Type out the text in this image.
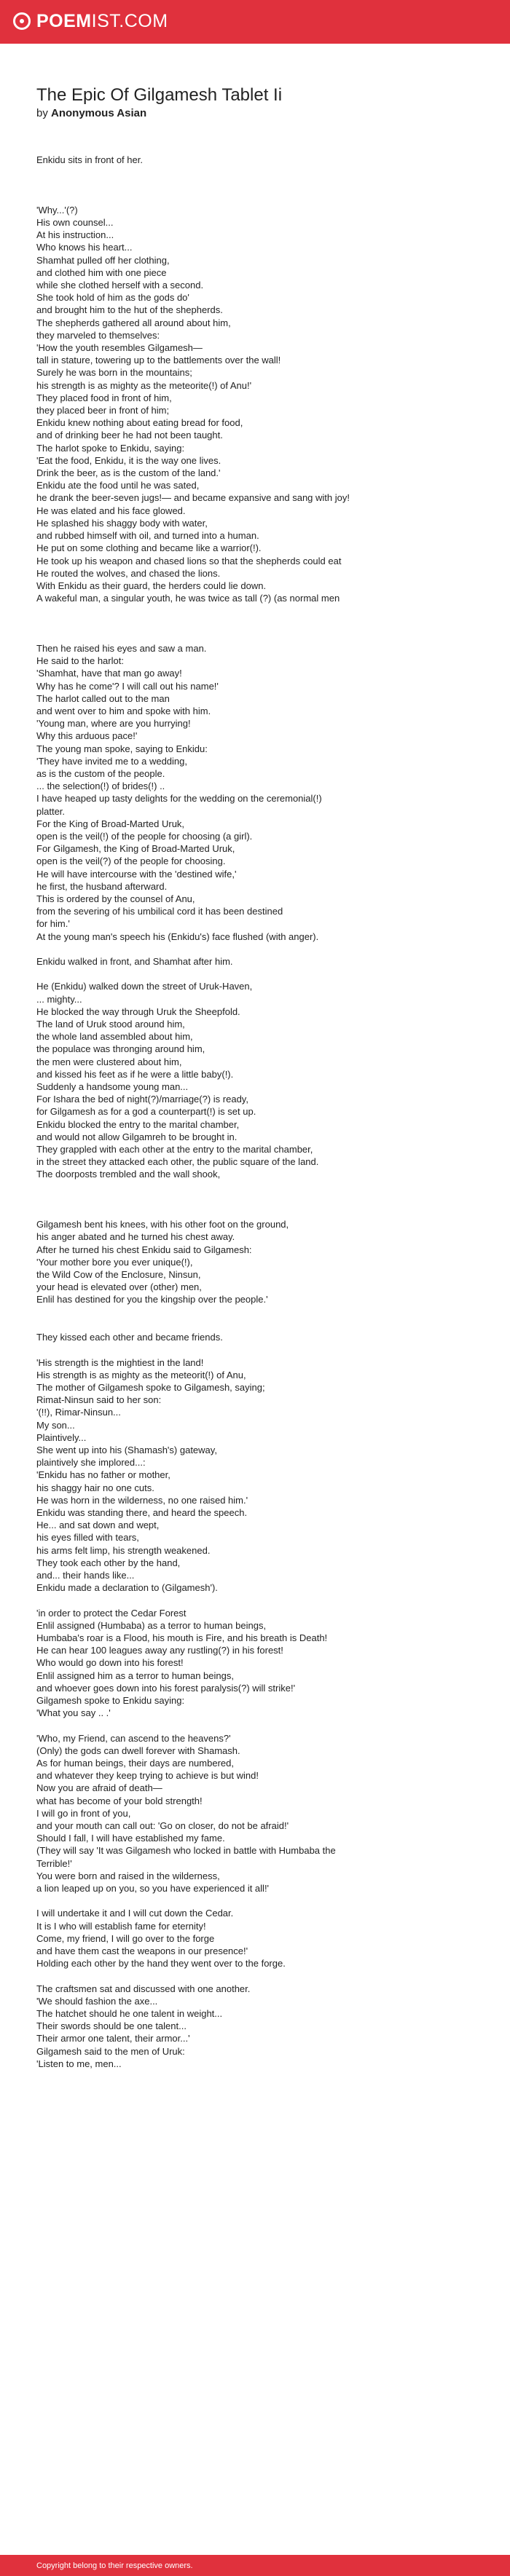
POEMIST.COM
The Epic Of Gilgamesh Tablet Ii
by Anonymous Asian
Enkidu sits in front of her.

'Why...'(?)
His own counsel...
At his instruction...
Who knows his heart...
Shamhat pulled off her clothing,
and clothed him with one piece
while she clothed herself with a second.
She took hold of him as the gods do'
and brought him to the hut of the shepherds.
The shepherds gathered all around about him,
they marveled to themselves:
'How the youth resembles Gilgamesh—
tall in stature, towering up to the battlements over the wall!
Surely he was born in the mountains;
his strength is as mighty as the meteorite(!) of Anu!'
They placed food in front of him,
they placed beer in front of him;
Enkidu knew nothing about eating bread for food,
and of drinking beer he had not been taught.
The harlot spoke to Enkidu, saying:
'Eat the food, Enkidu, it is the way one lives.
Drink the beer, as is the custom of the land.'
Enkidu ate the food until he was sated,
he drank the beer-seven jugs!— and became expansive and sang with joy!
He was elated and his face glowed.
He splashed his shaggy body with water,
and rubbed himself with oil, and turned into a human.
He put on some clothing and became like a warrior(!).
He took up his weapon and chased lions so that the shepherds could eat
He routed the wolves, and chased the lions.
With Enkidu as their guard, the herders could lie down.
A wakeful man, a singular youth, he was twice as tall (?) (as normal men

Then he raised his eyes and saw a man.
He said to the harlot:
'Shamhat, have that man go away!
Why has he come'? I will call out his name!'
The harlot called out to the man
and went over to him and spoke with him.
'Young man, where are you hurrying!
Why this arduous pace!'
The young man spoke, saying to Enkidu:
'They have invited me to a wedding,
as is the custom of the people.
... the selection(!) of brides(!) ..
I have heaped up tasty delights for the wedding on the ceremonial(!)
platter.
For the King of Broad-Marted Uruk,
open is the veil(!) of the people for choosing (a girl).
For Gilgamesh, the King of Broad-Marted Uruk,
open is the veil(?) of the people for choosing.
He will have intercourse with the 'destined wife,'
he first, the husband afterward.
This is ordered by the counsel of Anu,
from the severing of his umbilical cord it has been destined
for him.'
At the young man's speech his (Enkidu's) face flushed (with anger).

Enkidu walked in front, and Shamhat after him.

He (Enkidu) walked down the street of Uruk-Haven,
... mighty...
He blocked the way through Uruk the Sheepfold.
The land of Uruk stood around him,
the whole land assembled about him,
the populace was thronging around him,
the men were clustered about him,
and kissed his feet as if he were a little baby(!).
Suddenly a handsome young man...
For Ishara the bed of night(?)/marriage(?) is ready,
for Gilgamesh as for a god a counterpart(!) is set up.
Enkidu blocked the entry to the marital chamber,
and would not allow Gilgamreh to be brought in.
They grappled with each other at the entry to the marital chamber,
in the street they attacked each other, the public square of the land.
The doorposts trembled and the wall shook,

Gilgamesh bent his knees, with his other foot on the ground,
his anger abated and he turned his chest away.
After he turned his chest Enkidu said to Gilgamesh:
'Your mother bore you ever unique(!),
the Wild Cow of the Enclosure, Ninsun,
your head is elevated over (other) men,
Enlil has destined for you the kingship over the people.'

They kissed each other and became friends.

'His strength is the mightiest in the land!
His strength is as mighty as the meteorit(!) of Anu,
The mother of Gilgamesh spoke to Gilgamesh, saying;
Rimat-Ninsun said to her son:
'(!!), Rimar-Ninsun...
My son...
Plaintively...
She went up into his (Shamash's) gateway,
plaintively she implored...:
'Enkidu has no father or mother,
his shaggy hair no one cuts.
He was horn in the wilderness, no one raised him.'
Enkidu was standing there, and heard the speech.
He... and sat down and wept,
his eyes filled with tears,
his arms felt limp, his strength weakened.
They took each other by the hand,
and... their hands like...
Enkidu made a declaration to (Gilgamesh').

'in order to protect the Cedar Forest
Enlil assigned (Humbaba) as a terror to human beings,
Humbaba's roar is a Flood, his mouth is Fire, and his breath is Death!
He can hear 100 leagues away any rustling(?) in his forest!
Who would go down into his forest!
Enlil assigned him as a terror to human beings,
and whoever goes down into his forest paralysis(?) will strike!'
Gilgamesh spoke to Enkidu saying:
'What you say .. .'

'Who, my Friend, can ascend to the heavens?'
(Only) the gods can dwell forever with Shamash.
As for human beings, their days are numbered,
and whatever they keep trying to achieve is but wind!
Now you are afraid of death—
what has become of your bold strength!
I will go in front of you,
and your mouth can call out: 'Go on closer, do not be afraid!'
Should I fall, I will have established my fame.
(They will say 'It was Gilgamesh who locked in battle with Humbaba the
Terrible!'
You were born and raised in the wilderness,
a lion leaped up on you, so you have experienced it all!'

I will undertake it and I will cut down the Cedar.
It is I who will establish fame for eternity!
Come, my friend, I will go over to the forge
and have them cast the weapons in our presence!'
Holding each other by the hand they went over to the forge.

The craftsmen sat and discussed with one another.
'We should fashion the axe...
The hatchet should he one talent in weight...
Their swords should be one talent...
Their armor one talent, their armor...'
Gilgamesh said to the men of Uruk:
'Listen to me, men...
Copyright belong to their respective owners.
